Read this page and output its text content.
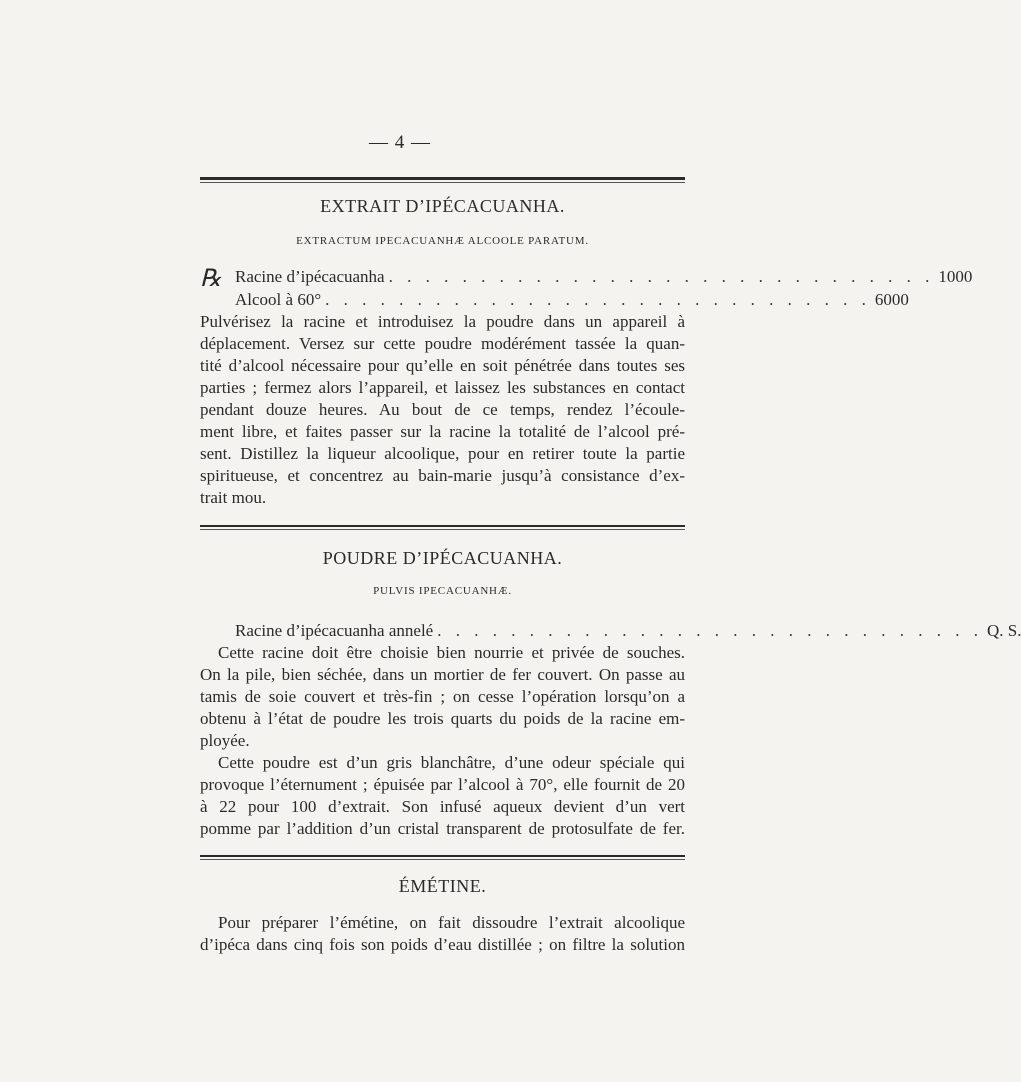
— 4 —
EXTRAIT D’IPÉCACUANHA.
EXTRACTUM IPECACUANHÆ ALCOOLE PARATUM.
℞ Racine d’ipécacuanha . . . . . . . . . . . . . . . . . . . . . . . . . . . . . . 1000
Alcool à 60° . . . . . . . . . . . . . . . . . . . . . . . . . . . . . . 6000
Pulvérisez la racine et introduisez la poudre dans un appareil à
déplacement. Versez sur cette poudre modérément tassée la quan-
tité d’alcool nécessaire pour qu’elle en soit pénétrée dans toutes ses
parties ; fermez alors l’appareil, et laissez les substances en contact
pendant douze heures. Au bout de ce temps, rendez l’écoule-
ment libre, et faites passer sur la racine la totalité de l’alcool pré-
sent. Distillez la liqueur alcoolique, pour en retirer toute la partie
spiritueuse, et concentrez au bain-marie jusqu’à consistance d’ex-
trait mou.
POUDRE D’IPÉCACUANHA.
PULVIS IPECACUANHÆ.
Racine d’ipécacuanha annelé . . . . . . . . . . . . . . . . . . . . . . . . . . . . . . Q. S.
Cette racine doit être choisie bien nourrie et privée de souches.
On la pile, bien séchée, dans un mortier de fer couvert. On passe au
tamis de soie couvert et très-fin ; on cesse l’opération lorsqu’on a
obtenu à l’état de poudre les trois quarts du poids de la racine em-
ployée.
Cette poudre est d’un gris blanchâtre, d’une odeur spéciale qui
provoque l’éternument ; épuisée par l’alcool à 70°, elle fournit de 20
à 22 pour 100 d’extrait. Son infusé aqueux devient d’un vert
pomme par l’addition d’un cristal transparent de protosulfate de fer.
ÉMÉTINE.
Pour préparer l’émétine, on fait dissoudre l’extrait alcoolique
d’ipéca dans cinq fois son poids d’eau distillée ; on filtre la solution
